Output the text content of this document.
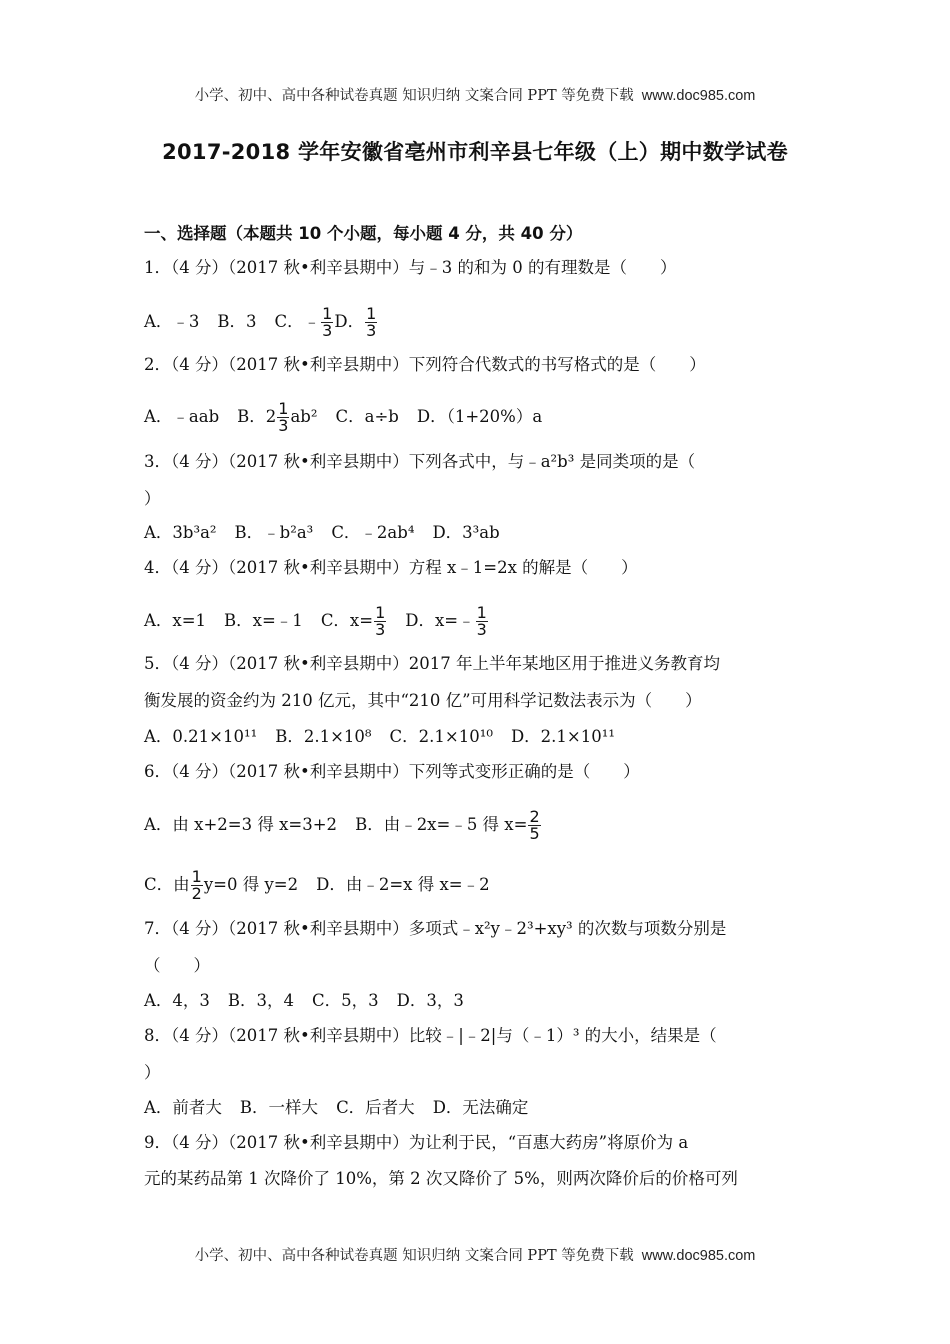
小学、初中、高中各种试卷真题 知识归纳 文案合同 PPT 等免费下载 www.doc985.com
2017-2018 学年安徽省亳州市利辛县七年级（上）期中数学试卷
一、选择题（本题共 10 个小题，每小题 4 分，共 40 分）
1．（4 分）（2017 秋•利辛县期中）与﹣3 的和为 0 的有理数是（　　）
A．﹣3 B．3 C．﹣ $\frac{1}{3}$ D． $\frac{1}{3}$
2．（4 分）（2017 秋•利辛县期中）下列符合代数式的书写格式的是（　　）
A．﹣aab B．$2 \frac{1}{3} ab^2$ C．a÷b D．（1+20%）a
3．（4 分）（2017 秋•利辛县期中）下列各式中，与﹣a²b³ 是同类项的是（
）
A．3b³a² B．﹣b²a³ C．﹣2ab⁴ D．3³ab
4．（4 分）（2017 秋•利辛县期中）方程 x﹣1=2x 的解是（　　）
A．x=1 B．x=﹣1 C．$x= \frac{1}{3}$ D．x=﹣ $\frac{1}{3}$
5．（4 分）（2017 秋•利辛县期中）2017 年上半年某地区用于推进义务教育均
衡发展的资金约为 210 亿元，其中“210 亿”可用科学记数法表示为（　　）
A．0.21×10¹¹ B．2.1×10⁸ C．2.1×10¹⁰ D．2.1×10¹¹
6．（4 分）（2017 秋•利辛县期中）下列等式变形正确的是（　　）
A．由 x+2=3 得 x=3+2 B．由﹣2x=﹣5 得 $x= \frac{2}{5}$
C．由 $\frac{1}{2} y=0$ 得 y=2 D．由﹣2=x 得 x=﹣2
7．（4 分）（2017 秋•利辛县期中）多项式﹣x²y﹣2³+xy³ 的次数与项数分别是
（　　）
A．4，3 B．3，4 C．5，3 D．3，3
8．（4 分）（2017 秋•利辛县期中）比较﹣|﹣2|与（﹣1）³ 的大小，结果是（
）
A．前者大 B．一样大 C．后者大 D．无法确定
9．（4 分）（2017 秋•利辛县期中）为让利于民，“百惠大药房”将原价为 a
元的某药品第 1 次降价了 10%，第 2 次又降价了 5%，则两次降价后的价格可列
小学、初中、高中各种试卷真题 知识归纳 文案合同 PPT 等免费下载 www.doc985.com
